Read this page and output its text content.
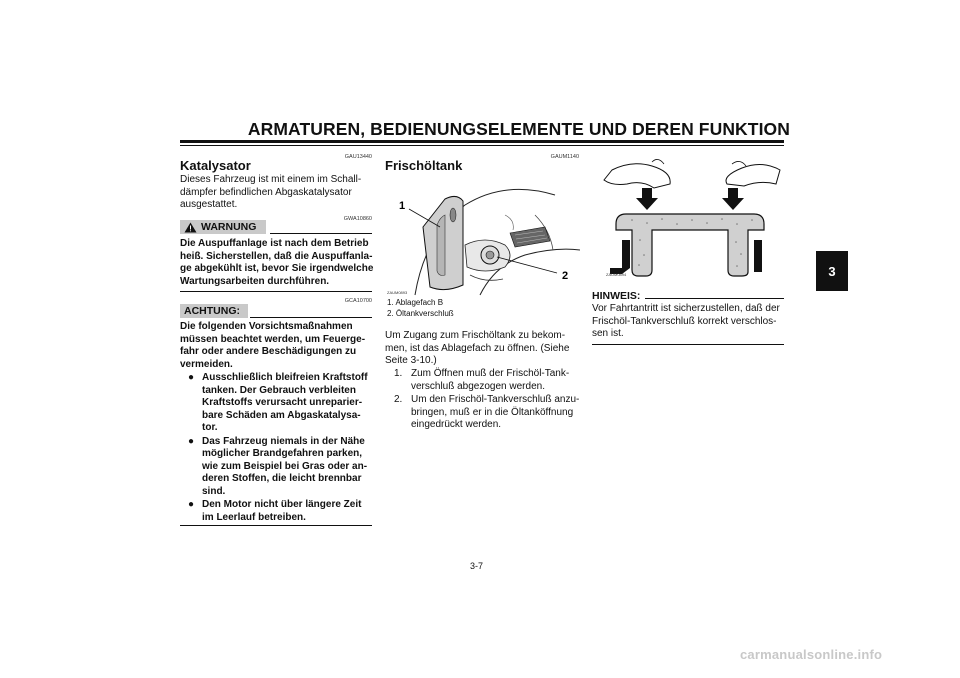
ARMATUREN, BEDIENUNGSELEMENTE UND DEREN FUNKTION
3
GAU13440
Katalysator
Dieses Fahrzeug ist mit einem im Schall-dämpfer befindlichen Abgaskatalysator ausgestattet.
GWA10860
WARNUNG
Die Auspuffanlage ist nach dem Betrieb heiß. Sicherstellen, daß die Auspuffanla-ge abgekühlt ist, bevor Sie irgendwelche Wartungsarbeiten durchführen.
GCA10700
ACHTUNG:
Die folgenden Vorsichtsmaßnahmen müssen beachtet werden, um Feuerge-fahr oder andere Beschädigungen zu vermeiden.
● Ausschließlich bleifreien Kraftstoff tanken. Der Gebrauch verbleiten Kraftstoffs verursacht unreparier-bare Schäden am Abgaskatalysa-tor.
● Das Fahrzeug niemals in der Nähe möglicher Brandgefahren parken, wie zum Beispiel bei Gras oder an-deren Stoffen, die leicht brennbar sind.
● Den Motor nicht über längere Zeit im Leerlauf betreiben.
GAUM1140
Frischöltank
1
2
ZAUM0893
1. Ablagefach B
2. Öltankverschluß
Um Zugang zum Frischöltank zu bekom-men, ist das Ablagefach zu öffnen. (Siehe Seite 3-10.)
1. Zum Öffnen muß der Frischöl-Tank-verschluß abgezogen werden.
2. Um den Frischöl-Tankverschluß anzu-bringen, muß er in die Öltanköffnung eingedrückt werden.
ZAUM0894
HINWEIS:
Vor Fahrtantritt ist sicherzustellen, daß der Frischöl-Tankverschluß korrekt verschlos-sen ist.
3-7
carmanualsonline.info
